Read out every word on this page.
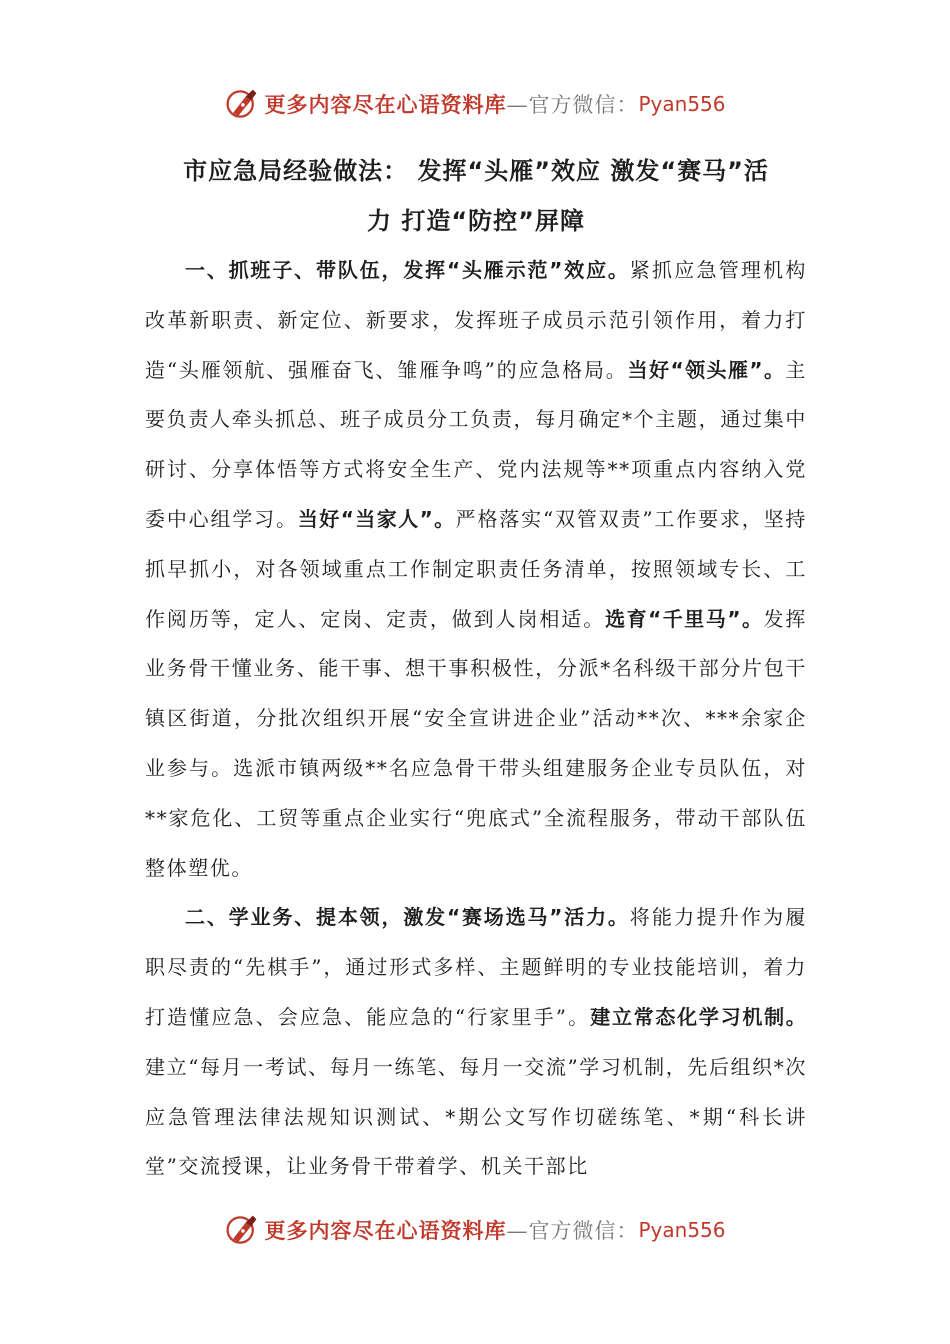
更多内容尽在心语资料库 —官方微信： Pyan556
市应急局经验做法： 发挥“头雁”效应 激发“赛马”活
力 打造“防控”屏障

一、抓班子、带队伍，发挥“头雁示范”效应。紧抓应急管理机构改革新职责、新定位、新要求，发挥班子成员示范引领作用，着力打造“头雁领航、强雁奋飞、雏雁争鸣”的应急格局。当好“领头雁”。主要负责人牵头抓总、班子成员分工负责，每月确定*个主题，通过集中研讨、分享体悟等方式将安全生产、党内法规等**项重点内容纳入党委中心组学习。当好“当家人”。严格落实“双管双责”工作要求，坚持抓早抓小，对各领域重点工作制定职责任务清单，按照领域专长、工作阅历等，定人、定岗、定责，做到人岗相适。选育“千里马”。发挥业务骨干懂业务、能干事、想干事积极性，分派*名科级干部分片包干镇区街道，分批次组织开展“安全宣讲进企业”活动**次、***余家企业参与。选派市镇两级**名应急骨干带头组建服务企业专员队伍，对**家危化、工贸等重点企业实行“兜底式”全流程服务，带动干部队伍整体塑优。

二、学业务、提本领，激发“赛场选马”活力。将能力提升作为履职尽责的“先棋手”，通过形式多样、主题鲜明的专业技能培训，着力打造懂应急、会应急、能应急的“行家里手”。建立常态化学习机制。建立“每月一考试、每月一练笔、每月一交流”学习机制，先后组织*次应急管理法律法规知识测试、*期公文写作切磋练笔、*期“科长讲堂”交流授课，让业务骨干带着学、机关干部比

更多内容尽在心语资料库 —官方微信： Pyan556
